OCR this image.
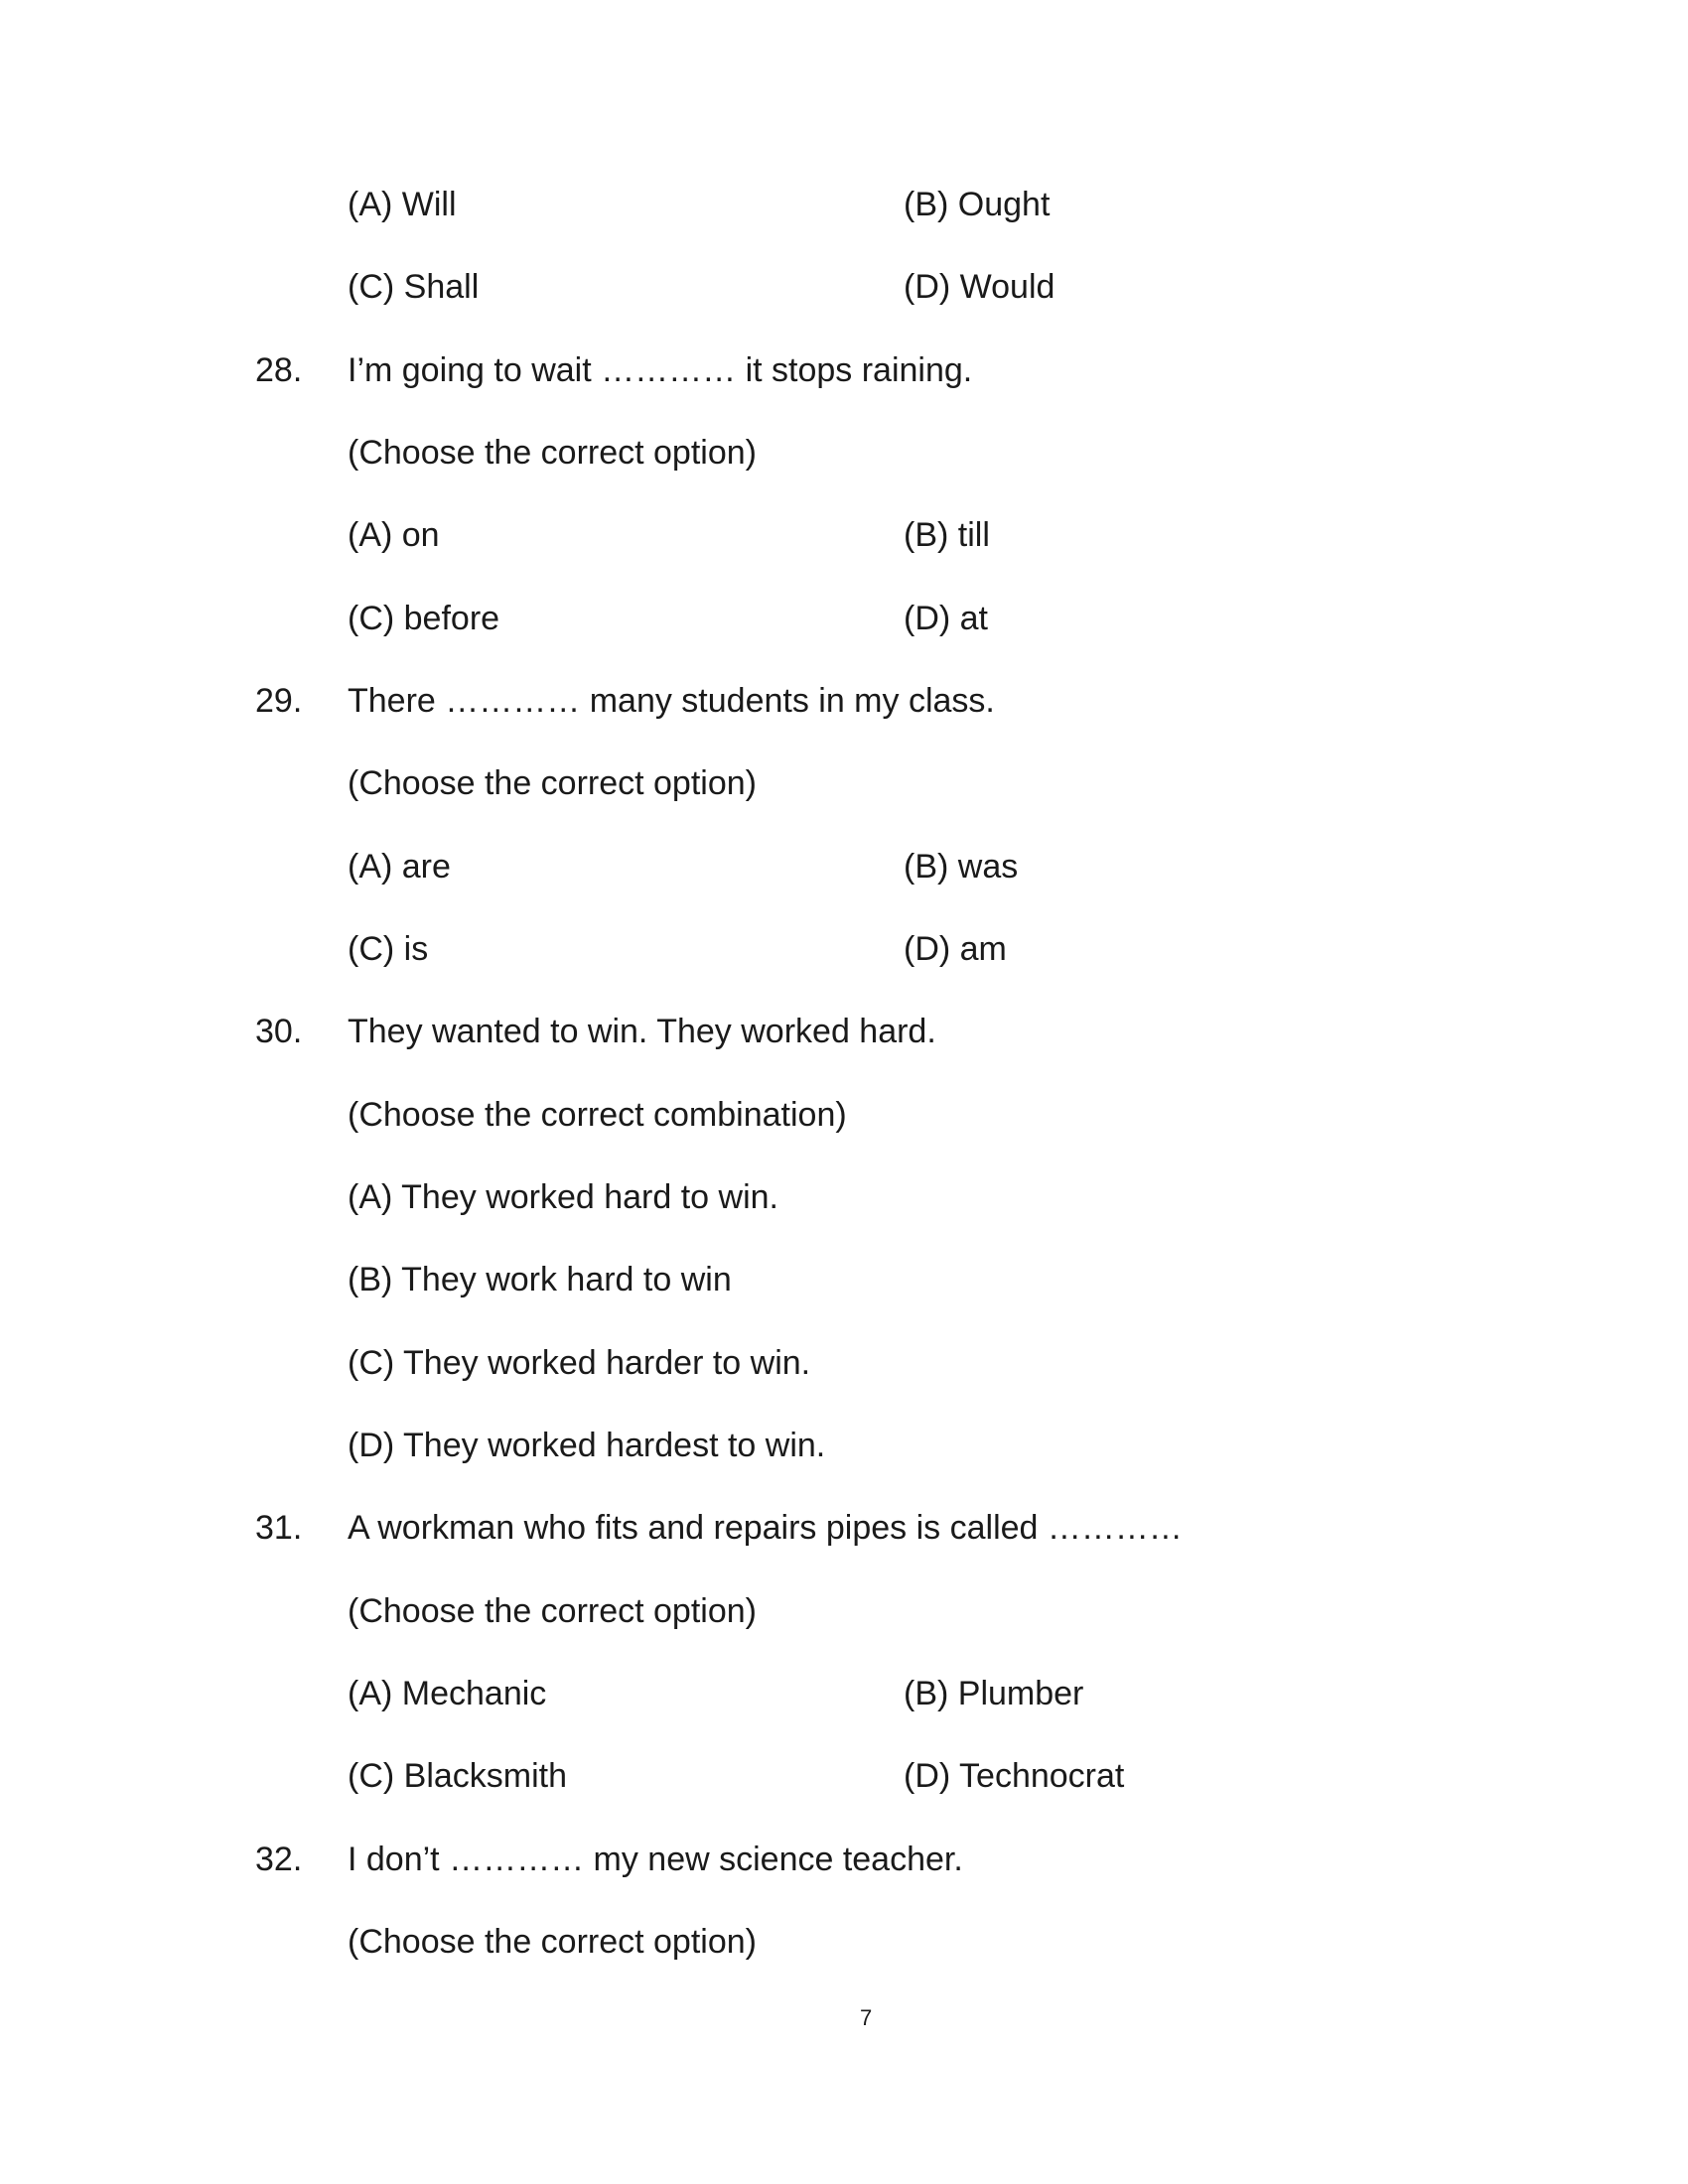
(A) Will	(B) Ought
(C) Shall	(D) Would
28. I’m going to wait ………… it stops raining.
(Choose the correct option)
(A) on	(B) till
(C) before	(D) at
29. There ………… many students in my class.
(Choose the correct option)
(A) are	(B) was
(C) is	(D) am
30. They wanted to win. They worked hard.
(Choose the correct combination)
(A) They worked hard to win.
(B) They work hard to win
(C) They worked harder to win.
(D) They worked hardest to win.
31. A workman who fits and repairs pipes is called …………
(Choose the correct option)
(A) Mechanic	(B) Plumber
(C) Blacksmith	(D) Technocrat
32. I don’t ………… my new science teacher.
(Choose the correct option)
7
